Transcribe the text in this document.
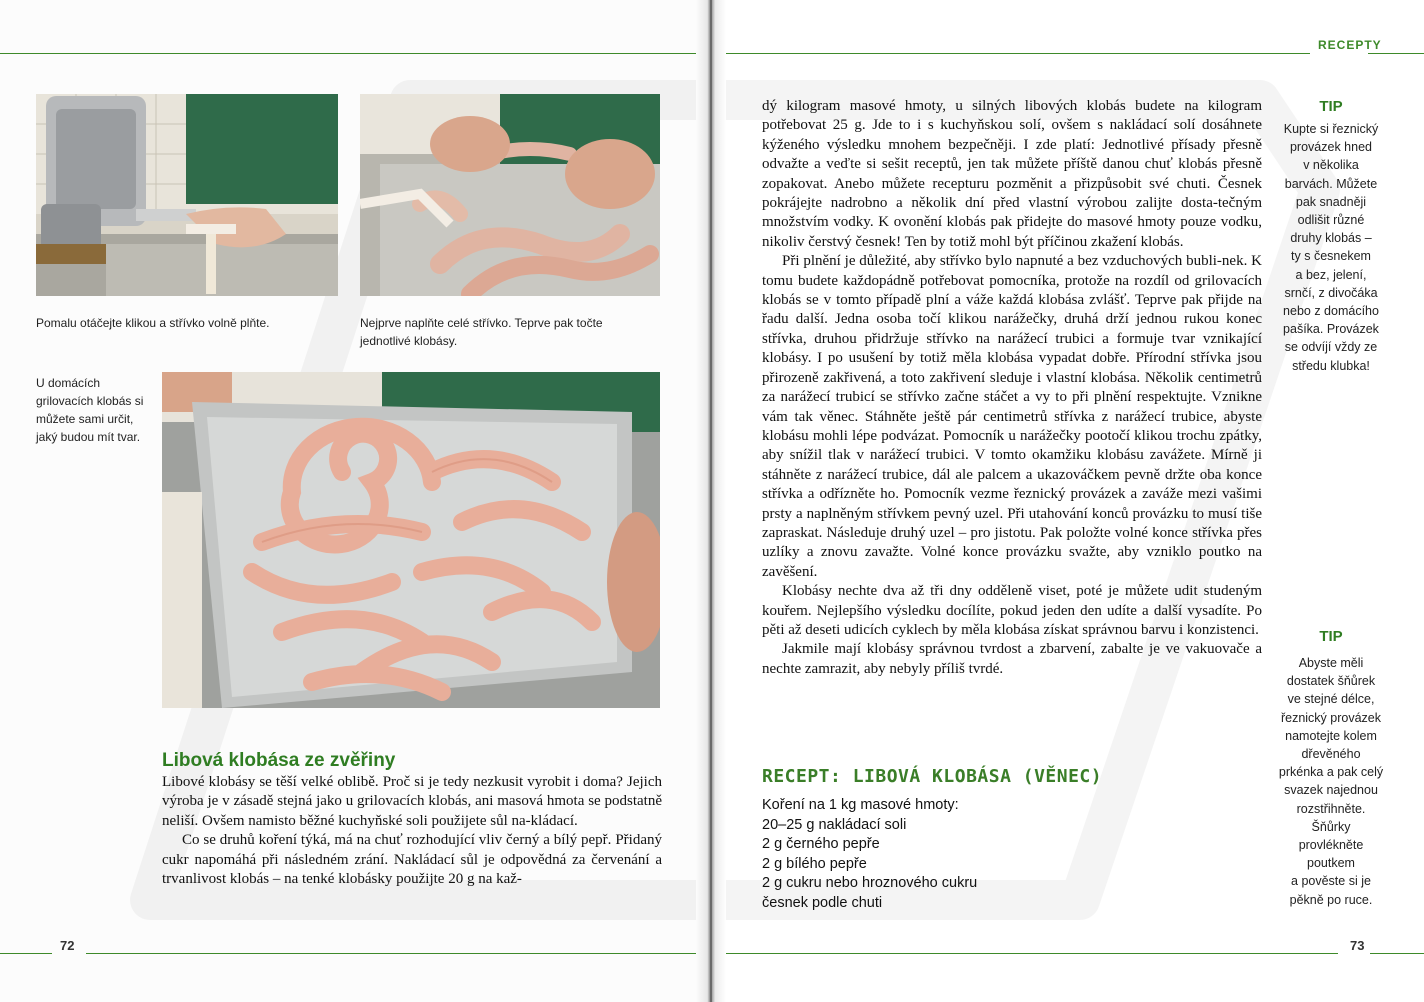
RECEPTY
72	73
Pomalu otáčejte klikou a střívko volně plňte.	Nejprve naplňte celé střívko. Teprve pak točte
jednotlivé klobásy.
U domácích
grilovacích klobás si
můžete sami určit,
jaký budou mít tvar.
Libová klobása ze zvěřiny

Libové klobásy se těší velké oblibě. Proč si je tedy nezkusit vyrobit i doma? Jejich výroba je v zásadě stejná jako u grilovacích klobás, ani masová hmota se podstatně neliší. Ovšem namisto běžné kuchyňské soli použijete sůl na-kládací.

Co se druhů koření týká, má na chuť rozhodující vliv černý a bílý pepř. Přidaný cukr napomáhá při následném zrání. Nakládací sůl je odpovědná za červenání a trvanlivost klobás – na tenké klobásky použijte 20 g na kaž-

dý kilogram masové hmoty, u silných libových klobás budete na kilogram potřebovat 25 g. Jde to i s kuchyňskou solí, ovšem s nakládací solí dosáhnete kýženého výsledku mnohem bezpečněji. I zde platí: Jednotlivé přísady přesně odvažte a veďte si sešit receptů, jen tak můžete příště danou chuť klobás přesně zopakovat. Anebo můžete recepturu pozměnit a přizpůsobit své chuti. Česnek pokrájejte nadrobno a několik dní před vlastní výrobou zalijte dosta-tečným množstvím vodky. K ovonění klobás pak přidejte do masové hmoty pouze vodku, nikoliv čerstvý česnek! Ten by totiž mohl být příčinou zkažení klobás.

Při plnění je důležité, aby střívko bylo napnuté a bez vzduchových bubli-nek. K tomu budete každopádně potřebovat pomocníka, protože na rozdíl od grilovacích klobás se v tomto případě plní a váže každá klobása zvlášť. Teprve pak přijde na řadu další. Jedna osoba točí klikou narážečky, druhá drží jednou rukou konec střívka, druhou přidržuje střívko na narážecí trubici a formuje tvar vznikající klobásy. I po usušení by totiž měla klobása vypadat dobře. Přírodní střívka jsou přirozeně zakřivená, a toto zakřivení sleduje i vlastní klobása. Několik centimetrů za narážecí trubicí se střívko začne stáčet a vy to při plnění respektujte. Vznikne vám tak věnec. Stáhněte ještě pár centimetrů střívka z narážecí trubice, abyste klobásu mohli lépe podvázat. Pomocník u narážečky pootočí klikou trochu zpátky, aby snížil tlak v narážecí trubici. V tomto okamžiku klobásu zavážete. Mírně ji stáhněte z narážecí trubice, dál ale palcem a ukazováčkem pevně držte oba konce střívka a odřízněte ho. Pomocník vezme řeznický provázek a zaváže mezi vašimi prsty a naplněným střívkem pevný uzel. Při utahování konců provázku to musí tiše zapraskat. Následuje druhý uzel – pro jistotu. Pak položte volné konce střívka přes uzlíky a znovu zavažte. Volné konce provázku svažte, aby vzniklo poutko na zavěšení.

Klobásy nechte dva až tři dny odděleně viset, poté je můžete udit studeným kouřem. Nejlepšího výsledku docílíte, pokud jeden den udíte a další vysadíte. Po pěti až deseti udicích cyklech by měla klobása získat správnou barvu i konzistenci.

Jakmile mají klobásy správnou tvrdost a zbarvení, zabalte je ve vakuovače a nechte zamrazit, aby nebyly příliš tvrdé.

RECEPT: LIBOVÁ KLOBÁSA (VĚNEC)
Koření na 1 kg masové hmoty:
20–25 g nakládací soli
2 g černého pepře
2 g bílého pepře
2 g cukru nebo hroznového cukru
česnek podle chuti
TIP
Kupte si řeznický
provázek hned
v několika
barvách. Můžete
pak snadněji
odlišit různé
druhy klobás –
ty s česnekem
a bez, jelení,
srnčí, z divočáka
nebo z domácího
pašíka. Provázek
se odvíjí vždy ze
středu klubka!
TIP
Abyste měli
dostatek šňůrek
ve stejné délce,
řeznický provázek
namotejte kolem
dřevěného
prkénka a pak celý
svazek najednou
rozstřihněte.
Šňůrky
provlékněte
poutkem
a pověste si je
pěkně po ruce.
